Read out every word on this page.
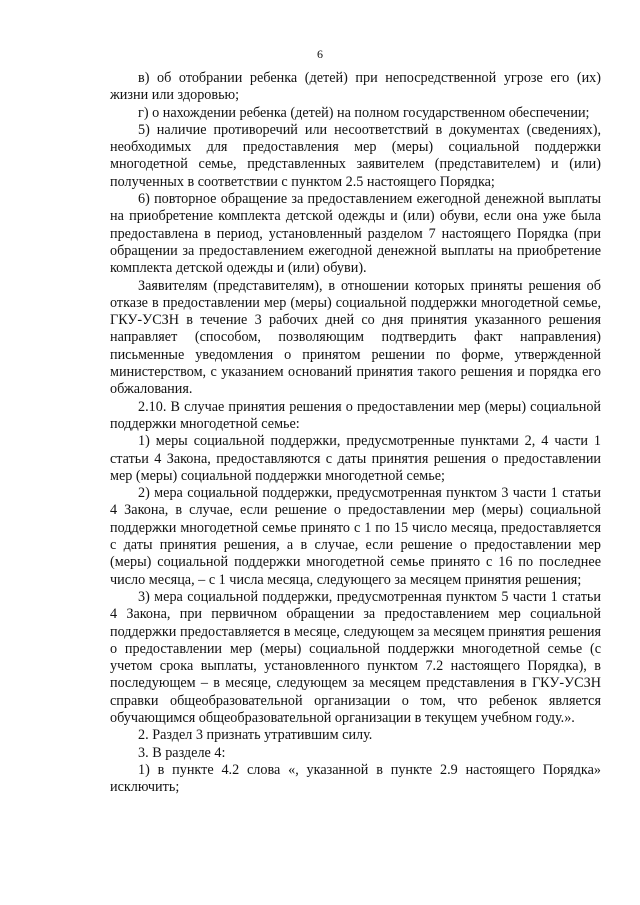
6

в) об отобрании ребенка (детей) при непосредственной угрозе его (их) жизни или здоровью;

г) о нахождении ребенка (детей) на полном государственном обеспечении;

5) наличие противоречий или несоответствий в документах (сведениях), необходимых для предоставления мер (меры) социальной поддержки многодетной семье, представленных заявителем (представителем) и (или) полученных в соответствии с пунктом 2.5 настоящего Порядка;

6) повторное обращение за предоставлением ежегодной денежной выплаты на приобретение комплекта детской одежды и (или) обуви, если она уже была предоставлена в период, установленный разделом 7 настоящего Порядка (при обращении за предоставлением ежегодной денежной выплаты на приобретение комплекта детской одежды и (или) обуви).

Заявителям (представителям), в отношении которых приняты решения об отказе в предоставлении мер (меры) социальной поддержки многодетной семье, ГКУ-УСЗН в течение 3 рабочих дней со дня принятия указанного решения направляет (способом, позволяющим подтвердить факт направления) письменные уведомления о принятом решении по форме, утвержденной министерством, с указанием оснований принятия такого решения и порядка его обжалования.

2.10. В случае принятия решения о предоставлении мер (меры) социальной поддержки многодетной семье:

1) меры социальной поддержки, предусмотренные пунктами 2, 4 части 1 статьи 4 Закона, предоставляются с даты принятия решения о предоставлении мер (меры) социальной поддержки многодетной семье;

2) мера социальной поддержки, предусмотренная пунктом 3 части 1 статьи 4 Закона, в случае, если решение о предоставлении мер (меры) социальной поддержки многодетной семье принято с 1 по 15 число месяца, предоставляется с даты принятия решения, а в случае, если решение о предоставлении мер (меры) социальной поддержки многодетной семье принято с 16 по последнее число месяца, – с 1 числа месяца, следующего за месяцем принятия решения;

3) мера социальной поддержки, предусмотренная пунктом 5 части 1 статьи 4 Закона, при первичном обращении за предоставлением мер социальной поддержки предоставляется в месяце, следующем за месяцем принятия решения о предоставлении мер (меры) социальной поддержки многодетной семье (с учетом срока выплаты, установленного пунктом 7.2 настоящего Порядка), в последующем – в месяце, следующем за месяцем представления в ГКУ-УСЗН справки общеобразовательной организации о том, что ребенок является обучающимся общеобразовательной организации в текущем учебном году.».

2. Раздел 3 признать утратившим силу.

3. В разделе 4:

1) в пункте 4.2 слова «, указанной в пункте 2.9 настоящего Порядка» исключить;
